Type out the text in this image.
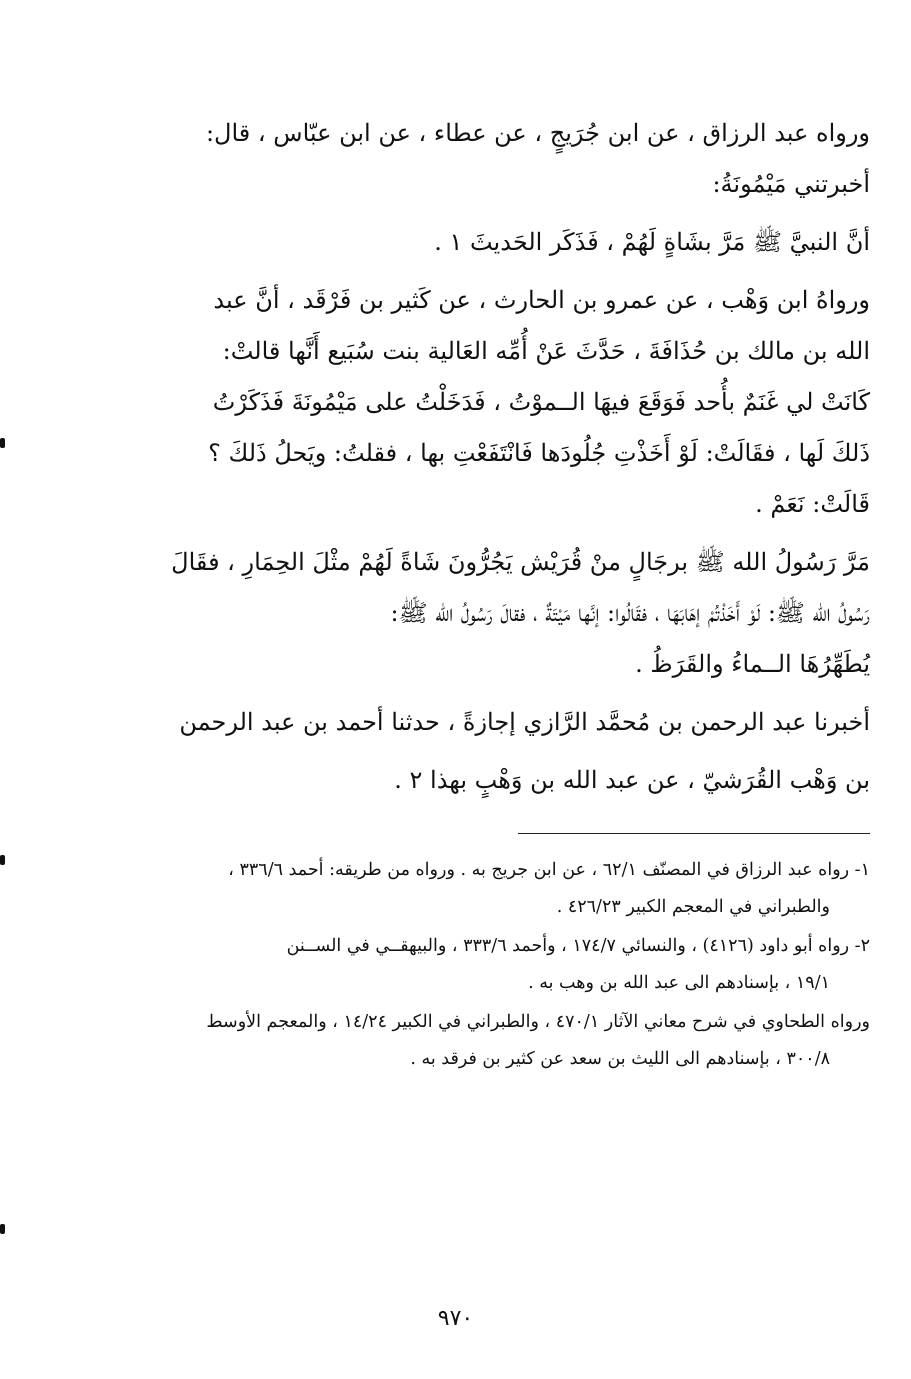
ورواه عبد الرزاق ، عن ابن جُرَيجٍ ، عن عطاء ، عن ابن عبّاس ، قال:

أخبرتني مَيْمُونَةُ:

أنَّ النبيَّ ﷺ مَرَّ بشَاةٍ لَهُمْ ، فَذَكَر الحَديثَ ١ .

ورواهُ ابن وَهْب ، عن عمرو بن الحارث ، عن كَثير بن فَرْقَد ، أنَّ عبد

الله بن مالك بن حُذَافَةَ ، حَدَّثَ عَنْ أُمِّه العَالية بنت سُبَيع أَنَّها قالتْ:

كَانَتْ لي غَنَمٌ بأُحد فَوَقَعَ فيهَا الــموْتُ ، فَدَخَلْتُ على مَيْمُونَةَ فَذَكَرْتُ

ذَلكَ لَها ، فقَالَتْ: لَوْ أَخَذْتِ جُلُودَها فَانْتَفَعْتِ بها ، فقلتُ: ويَحلُ ذَلكَ ؟

قَالَتْ: نَعَمْ .

مَرَّ رَسُولُ الله ﷺ برجَالٍ منْ قُرَيْش يَجُرُّونَ شَاةً لَهُمْ مثْلَ الحِمَارِ ، فقَالَ

رَسُولُ الله ﷺ: لَوْ أَخَذْتُمْ إهَابَهَا ، فقَالُوا: إنَّها مَيْتَةٌ ، فقالَ رَسُولُ الله ﷺ:

يُطَهِّرُهَا الــماءُ والقَرَظُ .

أخبرنا عبد الرحمن بن مُحمَّد الرَّازي إجازةً ، حدثنا أحمد بن عبد الرحمن

بن وَهْب القُرَشيّ ، عن عبد الله بن وَهْبٍ بهذا ٢ .

١- رواه عبد الرزاق في المصنّف ٦٢/١ ، عن ابن جريج به . ورواه من طريقه: أحمد ٣٣٦/٦ ،

والطبراني في المعجم الكبير ٤٢٦/٢٣ .

٢- رواه أبو داود (٤١٢٦) ، والنسائي ١٧٤/٧ ، وأحمد ٣٣٣/٦ ، والبيهقــي في الســنن

١٩/١ ، بإسنادهم الى عبد الله بن وهب به .

ورواه الطحاوي في شرح معاني الآثار ٤٧٠/١ ، والطبراني في الكبير ١٤/٢٤ ، والمعجم الأوسط

٣٠٠/٨ ، بإسنادهم الى الليث بن سعد عن كثير بن فرقد به .

٩٧٠
